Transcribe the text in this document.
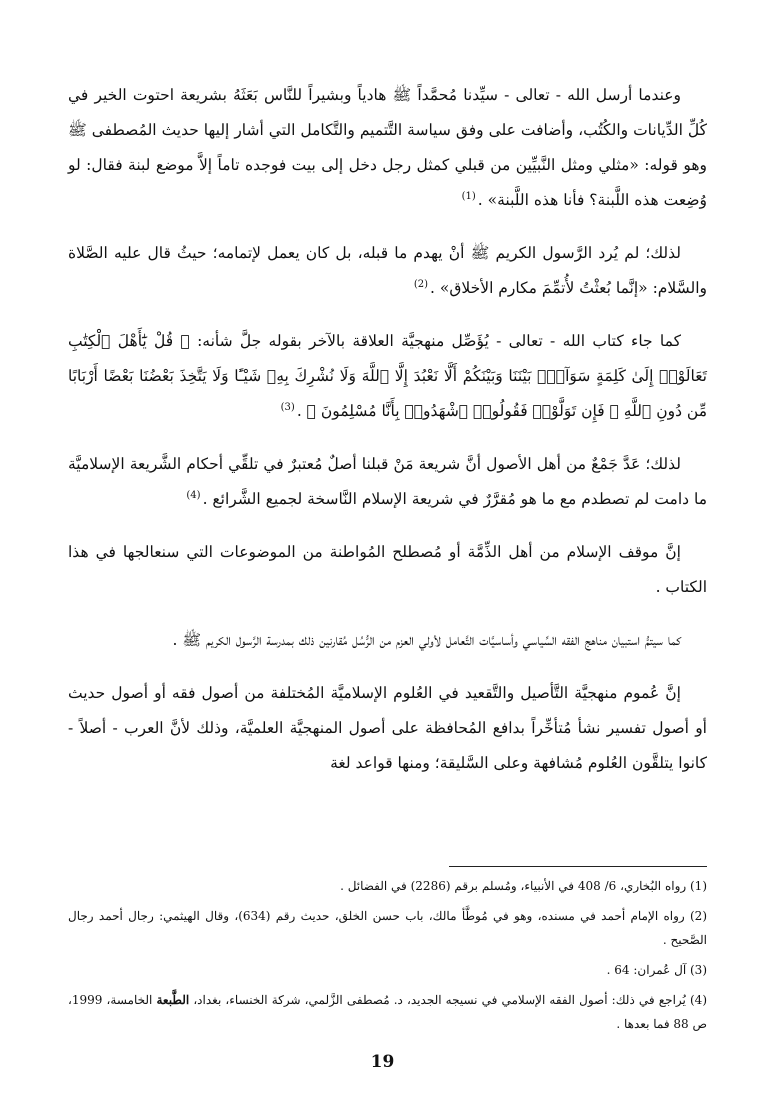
وعندما أرسل الله - تعالى - سيِّدنا مُحمَّداً ﷺ هادياً وبشيراً للنَّاس بَعَثَهُ بشريعة احتوت الخير في كُلِّ الدِّيانات والكُتُب، وأضافت على وفق سياسة التَّتميم والتَّكامل التي أشار إليها حديث المُصطفى ﷺ وهو قوله: «مثلي ومثل النَّبيِّين من قبلي كمثل رجل دخل إلى بيت فوجده تاماً إلاَّ موضع لبنة فقال: لو وُضِعت هذه اللَّبنة؟ فأنا هذه اللَّبنة» .$^{(1)}$

لذلك؛ لم يُرد الرَّسول الكريم ﷺ أنْ يهدم ما قبله، بل كان يعمل لإتمامه؛ حيثُ قال عليه الصَّلاة والسَّلام: «إنَّما بُعثْتُ لأُتمِّمَ مكارم الأخلاق» .$^{(2)}$

كما جاء كتاب الله - تعالى - يُؤَصِّل منهجيَّة العلاقة بالآخر بقوله جلَّ شأنه: ﴿ قُلْ يَٰٓأَهْلَ ٱلْكِتَٰبِ تَعَالَوْا۟ إِلَىٰ كَلِمَةٍ سَوَآءٍۭ بَيْنَنَا وَبَيْنَكُمْ أَلَّا نَعْبُدَ إِلَّا ٱللَّهَ وَلَا نُشْرِكَ بِهِۦ شَيْـًٔا وَلَا يَتَّخِذَ بَعْضُنَا بَعْضًا أَرْبَابًا مِّن دُونِ ٱللَّهِ ۚ فَإِن تَوَلَّوْا۟ فَقُولُوا۟ ٱشْهَدُوا۟ بِأَنَّا مُسْلِمُونَ ﴾ .$^{(3)}$

لذلك؛ عَدَّ جَمْعٌ من أهل الأصول أنَّ شريعة مَنْ قبلنا أصلٌ مُعتبرٌ في تلقِّي أحكام الشَّريعة الإسلاميَّة ما دامت لم تصطدم مع ما هو مُقرَّرٌ في شريعة الإسلام النَّاسخة لجميع الشَّرائع .$^{(4)}$

إنَّ موقف الإسلام من أهل الذِّمَّة أو مُصطلح المُواطنة من الموضوعات التي سنعالجها في هذا الكتاب .

كما سيتمُّ استبيان مناهج الفقه السِّياسي وأساسيَّات التَّعامل لأولي العزم من الرُّسُل مُقارنين ذلك بمدرسة الرَّسول الكريم ﷺ .

إنَّ عُموم منهجيَّة التَّأصيل والتَّقعيد في العُلوم الإسلاميَّة المُختلفة من أصول فقه أو أصول حديث أو أصول تفسير نشأ مُتأخِّراً بدافع المُحافظة على أصول المنهجيَّة العلميَّة، وذلك لأنَّ العرب - أصلاً - كانوا يتلقَّون العُلوم مُشافهة وعلى السَّليقة؛ ومنها قواعد لغة

(1) رواه البُخاري، 6/ 408 في الأنبياء، ومُسلم برقم (2286) في الفضائل .

(2) رواه الإمام أحمد في مسنده، وهو في مُوطَّأ مالك، باب حسن الخلق، حديث رقم (634)، وقال الهيثمي: رجال أحمد رجال الصَّحيح .

(3) آل عُمران: 64 .

(4) يُراجع في ذلك: أصول الفقه الإسلامي في نسيجه الجديد، د. مُصطفى الزَّلمي، شركة الخنساء، بغداد، الطَّبعة الخامسة، 1999، ص 88 فما بعدها .

19
